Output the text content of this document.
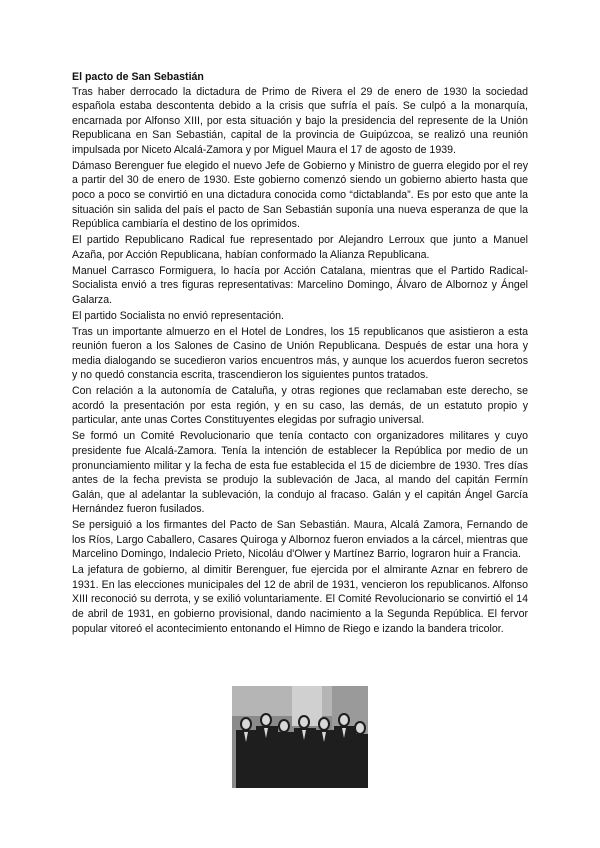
El pacto de San Sebastián

Tras haber derrocado la dictadura de Primo de Rivera el 29 de enero de 1930 la sociedad española estaba descontenta debido a la crisis que sufría el país. Se culpó a la monarquía, encarnada por Alfonso XIII, por esta situación y bajo la presidencia del represente de la Unión Republicana en San Sebastián, capital de la provincia de Guipúzcoa, se realizó una reunión impulsada por Niceto Alcalá-Zamora y por Miguel Maura el 17 de agosto de 1939.

Dámaso Berenguer fue elegido el nuevo Jefe de Gobierno y Ministro de guerra elegido por el rey a partir del 30 de enero de 1930. Este gobierno comenzó siendo un gobierno abierto hasta que poco a poco se convirtió en una dictadura conocida como “dictablanda”. Es por esto que ante la situación sin salida del país el pacto de San Sebastián suponía una nueva esperanza de que la República cambiaría el destino de los oprimidos.

El partido Republicano Radical fue representado por Alejandro Lerroux que junto a Manuel Azaña, por Acción Republicana, habían conformado la Alianza Republicana.

Manuel Carrasco Formiguera, lo hacía por Acción Catalana, mientras que el Partido Radical-Socialista envió a tres figuras representativas: Marcelino Domingo, Álvaro de Albornoz y Ángel Galarza.

El partido Socialista no envió representación.

Tras un importante almuerzo en el Hotel de Londres, los 15 republicanos que asistieron a esta reunión fueron a los Salones de Casino de Unión Republicana. Después de estar una hora y media dialogando se sucedieron varios encuentros más, y aunque los acuerdos fueron secretos y no quedó constancia escrita, trascendieron los siguientes puntos tratados.

Con relación a la autonomía de Cataluña, y otras regiones que reclamaban este derecho, se acordó la presentación por esta región, y en su caso, las demás, de un estatuto propio y particular, ante unas Cortes Constituyentes elegidas por sufragio universal.

Se formó un Comité Revolucionario que tenía contacto con organizadores militares y cuyo presidente fue Alcalá-Zamora. Tenía la intención de establecer la República por medio de un pronunciamiento militar y la fecha de esta fue establecida el 15 de diciembre de 1930. Tres días antes de la fecha prevista se produjo la sublevación de Jaca, al mando del capitán Fermín Galán, que al adelantar la sublevación, la condujo al fracaso. Galán y el capitán Ángel García Hernández fueron fusilados.

Se persiguió a los firmantes del Pacto de San Sebastián. Maura, Alcalá Zamora, Fernando de los Ríos, Largo Caballero, Casares Quiroga y Albornoz fueron enviados a la cárcel, mientras que Marcelino Domingo, Indalecio Prieto, Nicoláu d'Olwer y Martínez Barrio, lograron huir a Francia.

La jefatura de gobierno, al dimitir Berenguer, fue ejercida por el almirante Aznar en febrero de 1931. En las elecciones municipales del 12 de abril de 1931, vencieron los republicanos. Alfonso XIII reconoció su derrota, y se exilió voluntariamente. El Comité Revolucionario se convirtió el 14 de abril de 1931, en gobierno provisional, dando nacimiento a la Segunda República. El fervor popular vitoreó el acontecimiento entonando el Himno de Riego e izando la bandera tricolor.
